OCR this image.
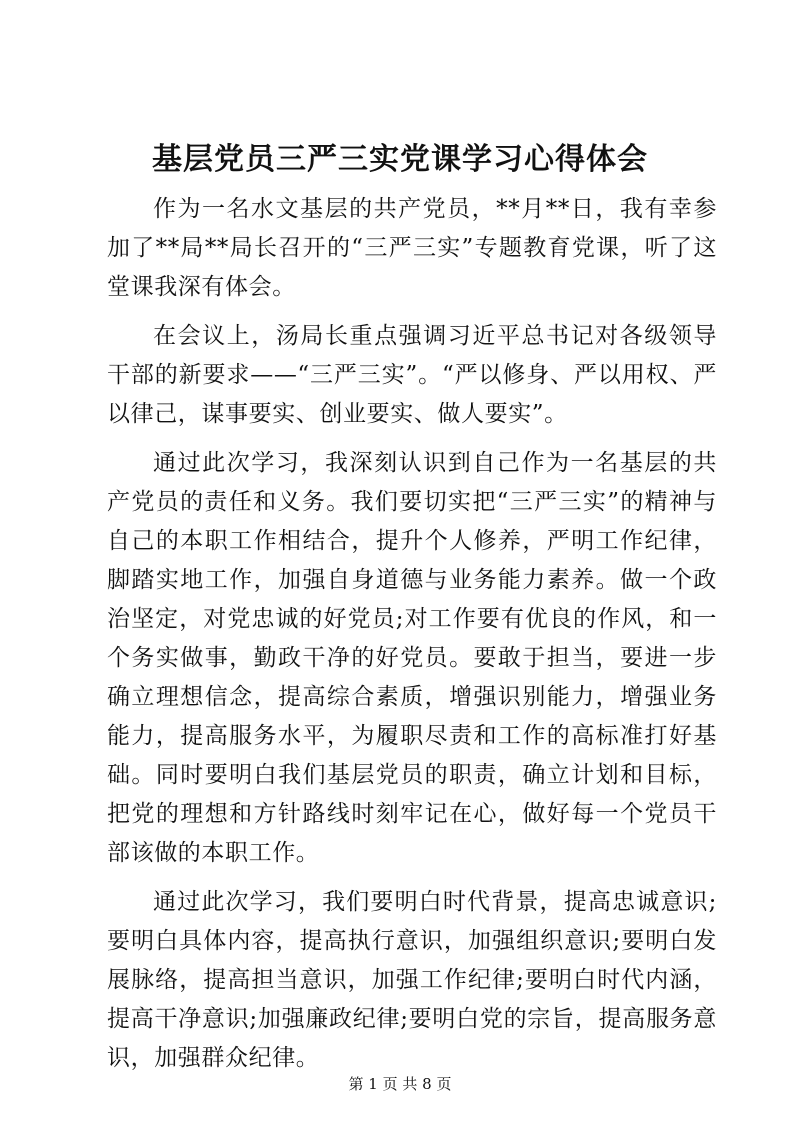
基层党员三严三实党课学习心得体会

作为一名水文基层的共产党员，**月**日，我有幸参加了**局**局长召开的“三严三实”专题教育党课，听了这堂课我深有体会。

在会议上，汤局长重点强调习近平总书记对各级领导干部的新要求——“三严三实”。“严以修身、严以用权、严以律己，谋事要实、创业要实、做人要实”。

通过此次学习，我深刻认识到自己作为一名基层的共产党员的责任和义务。我们要切实把“三严三实”的精神与自己的本职工作相结合，提升个人修养，严明工作纪律，脚踏实地工作，加强自身道德与业务能力素养。做一个政治坚定，对党忠诚的好党员;对工作要有优良的作风，和一个务实做事，勤政干净的好党员。要敢于担当，要进一步确立理想信念，提高综合素质，增强识别能力，增强业务能力，提高服务水平，为履职尽责和工作的高标准打好基础。同时要明白我们基层党员的职责，确立计划和目标，把党的理想和方针路线时刻牢记在心，做好每一个党员干部该做的本职工作。

通过此次学习，我们要明白时代背景，提高忠诚意识;要明白具体内容，提高执行意识，加强组织意识;要明白发展脉络，提高担当意识，加强工作纪律;要明白时代内涵，提高干净意识;加强廉政纪律;要明白党的宗旨，提高服务意识，加强群众纪律。

第 1 页 共 8 页
